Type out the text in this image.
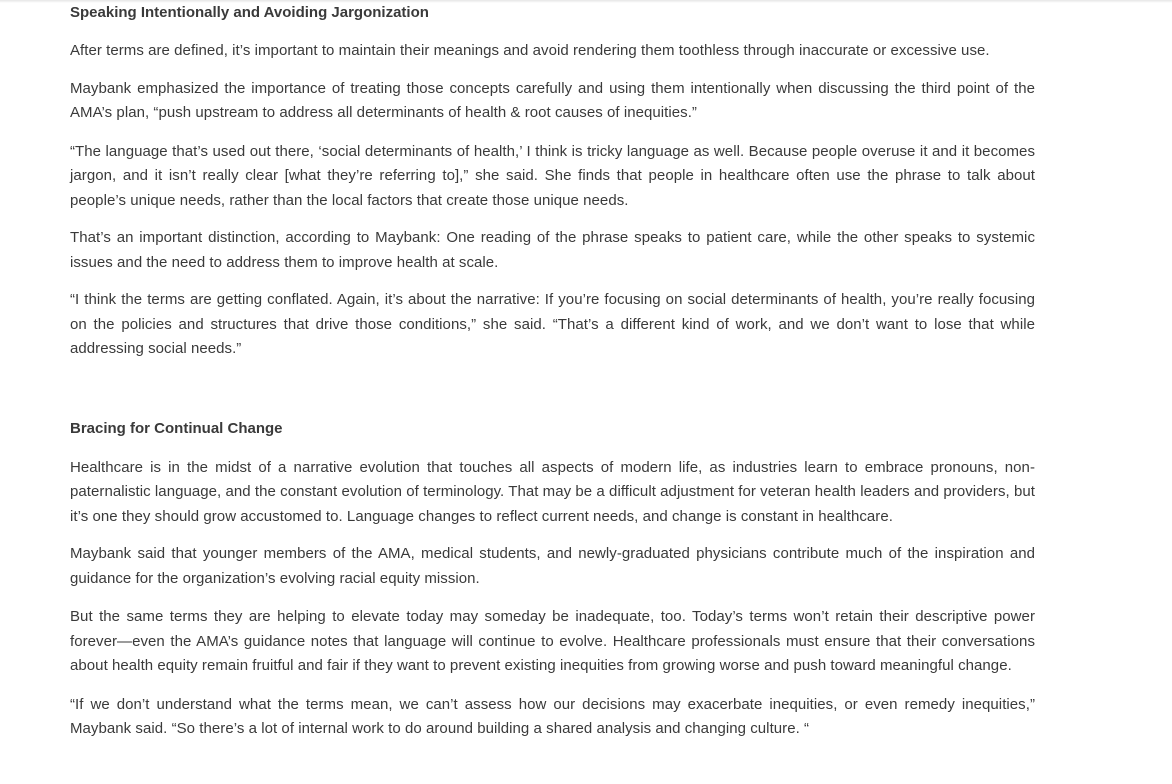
Speaking Intentionally and Avoiding Jargonization

After terms are defined, it’s important to maintain their meanings and avoid rendering them toothless through inaccurate or excessive use.

Maybank emphasized the importance of treating those concepts carefully and using them intentionally when discussing the third point of the AMA’s plan, “push upstream to address all determinants of health & root causes of inequities.”

“The language that’s used out there, ‘social determinants of health,’ I think is tricky language as well. Because people overuse it and it becomes jargon, and it isn’t really clear [what they’re referring to],” she said. She finds that people in healthcare often use the phrase to talk about people’s unique needs, rather than the local factors that create those unique needs.

That’s an important distinction, according to Maybank: One reading of the phrase speaks to patient care, while the other speaks to systemic issues and the need to address them to improve health at scale.

“I think the terms are getting conflated. Again, it’s about the narrative: If you’re focusing on social determinants of health, you’re really focusing on the policies and structures that drive those conditions,” she said. “That’s a different kind of work, and we don’t want to lose that while addressing social needs.”

Bracing for Continual Change

Healthcare is in the midst of a narrative evolution that touches all aspects of modern life, as industries learn to embrace pronouns, non-paternalistic language, and the constant evolution of terminology. That may be a difficult adjustment for veteran health leaders and providers, but it’s one they should grow accustomed to. Language changes to reflect current needs, and change is constant in healthcare.

Maybank said that younger members of the AMA, medical students, and newly-graduated physicians contribute much of the inspiration and guidance for the organization’s evolving racial equity mission.

But the same terms they are helping to elevate today may someday be inadequate, too. Today’s terms won’t retain their descriptive power forever—even the AMA’s guidance notes that language will continue to evolve. Healthcare professionals must ensure that their conversations about health equity remain fruitful and fair if they want to prevent existing inequities from growing worse and push toward meaningful change.

“If we don’t understand what the terms mean, we can’t assess how our decisions may exacerbate inequities, or even remedy inequities,” Maybank said. “So there’s a lot of internal work to do around building a shared analysis and changing culture. “
